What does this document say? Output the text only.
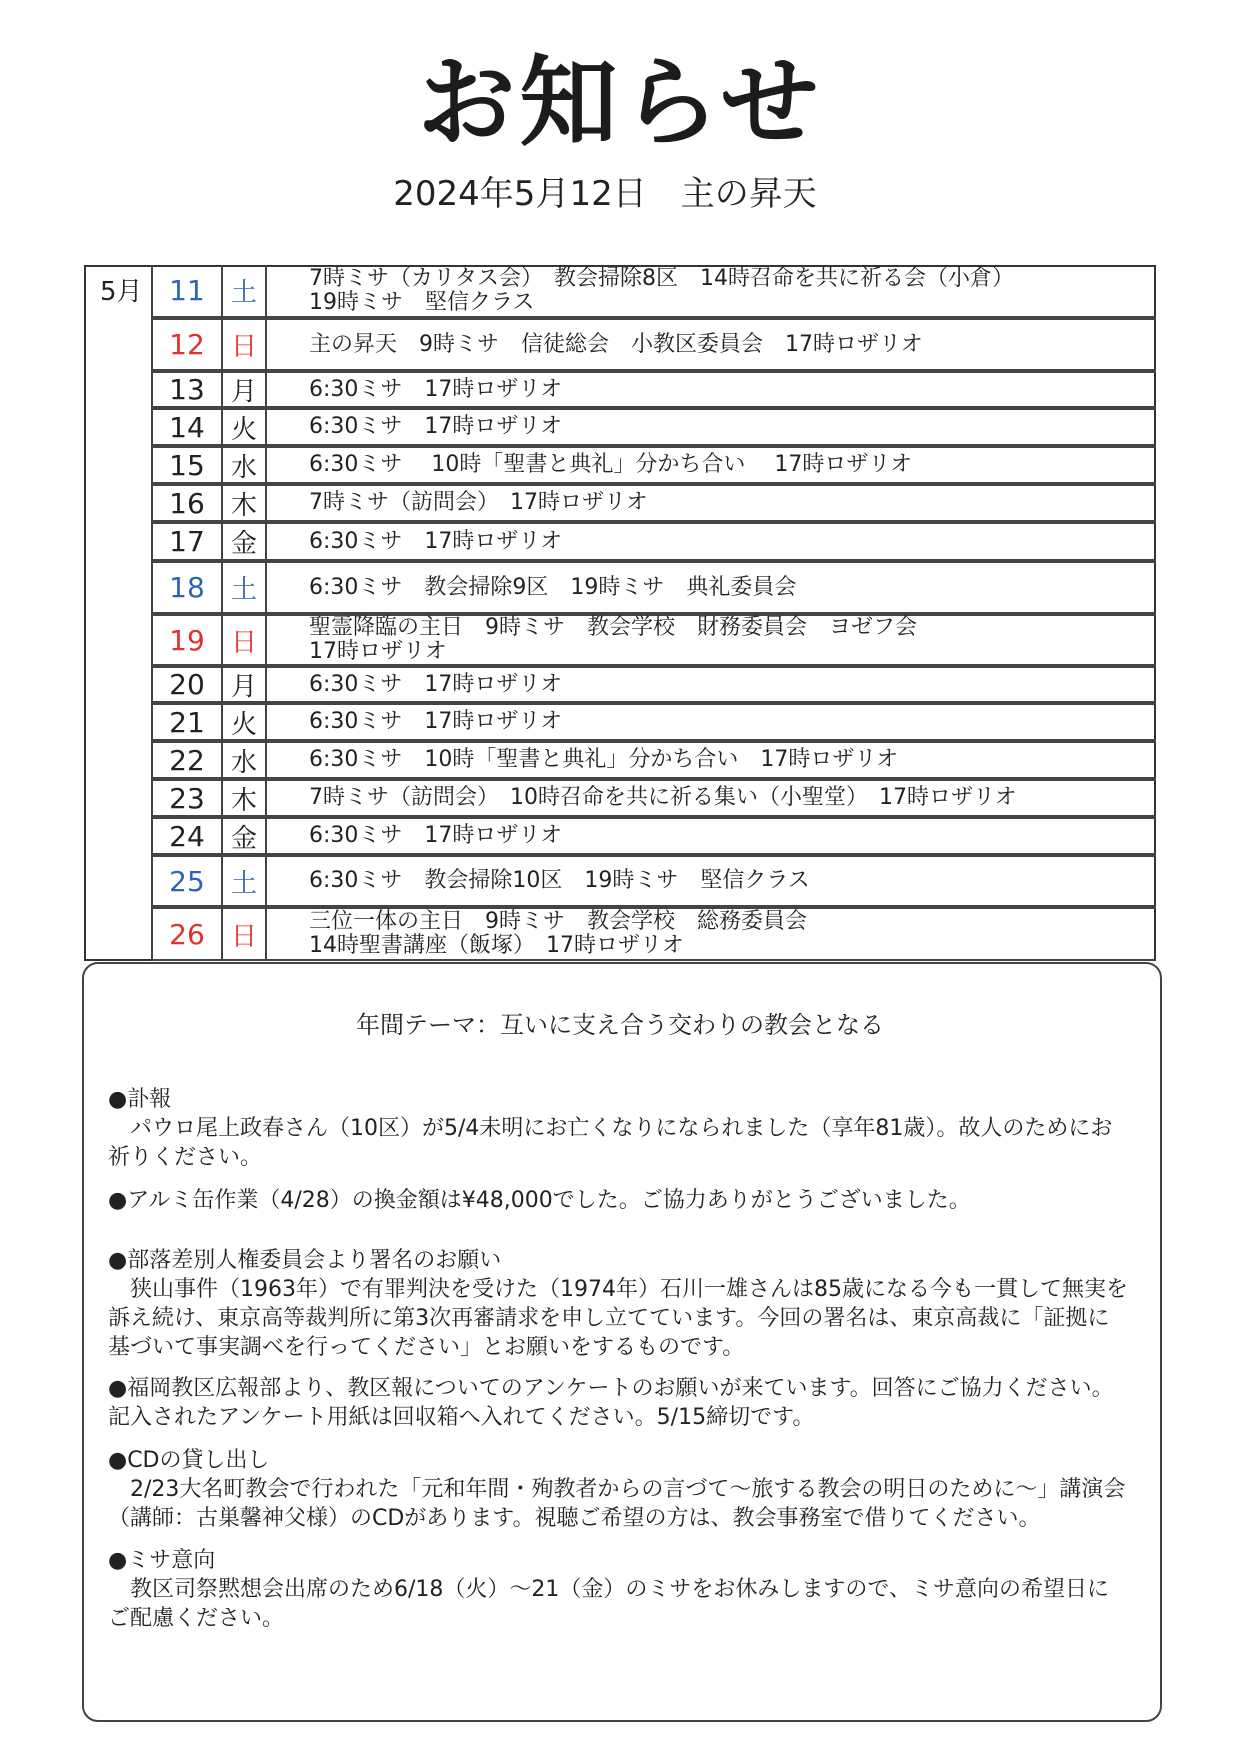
お知らせ
2024年5月12日　主の昇天
5月 11	土	7時ミサ（カリタス会）　教会掃除8区　14時召命を共に祈る会（小倉）
19時ミサ　堅信クラス
12	日	主の昇天　9時ミサ　信徒総会　小教区委員会　17時ロザリオ
13	月	6:30ミサ　17時ロザリオ
14	火	6:30ミサ　17時ロザリオ
15	水	6:30ミサ　 10時「聖書と典礼」分かち合い　 17時ロザリオ
16	木	7時ミサ（訪問会）　17時ロザリオ
17	金	6:30ミサ　17時ロザリオ
18	土	6:30ミサ　教会掃除9区　19時ミサ　典礼委員会
19	日	聖霊降臨の主日　9時ミサ　教会学校　財務委員会　ヨゼフ会
17時ロザリオ
20	月	6:30ミサ　17時ロザリオ
21	火	6:30ミサ　17時ロザリオ
22	水	6:30ミサ　10時「聖書と典礼」分かち合い　17時ロザリオ
23	木	7時ミサ（訪問会）　10時召命を共に祈る集い（小聖堂）　17時ロザリオ
24	金	6:30ミサ　17時ロザリオ
25	土	6:30ミサ　教会掃除10区　19時ミサ　堅信クラス
26	日	三位一体の主日　9時ミサ　教会学校　総務委員会
14時聖書講座（飯塚）　17時ロザリオ
年間テーマ：互いに支え合う交わりの教会となる
●訃報
パウロ尾上政春さん（10区）が5/4未明にお亡くなりになられました（享年81歳）。故人のためにお祈りください。
●アルミ缶作業（4/28）の換金額は¥48,000でした。ご協力ありがとうございました。
●部落差別人権委員会より署名のお願い
狭山事件（1963年）で有罪判決を受けた（1974年）石川一雄さんは85歳になる今も一貫して無実を訴え続け、東京高等裁判所に第3次再審請求を申し立てています。今回の署名は、東京高裁に「証拠に基づいて事実調べを行ってください」とお願いをするものです。
●福岡教区広報部より、教区報についてのアンケートのお願いが来ています。回答にご協力ください。記入されたアンケート用紙は回収箱へ入れてください。5/15締切です。
●CDの貸し出し
2/23大名町教会で行われた「元和年間・殉教者からの言づて～旅する教会の明日のために～」講演会（講師：古巣馨神父様）のCDがあります。視聴ご希望の方は、教会事務室で借りてください。
●ミサ意向
教区司祭黙想会出席のため6/18（火）～21（金）のミサをお休みしますので、ミサ意向の希望日にご配慮ください。
